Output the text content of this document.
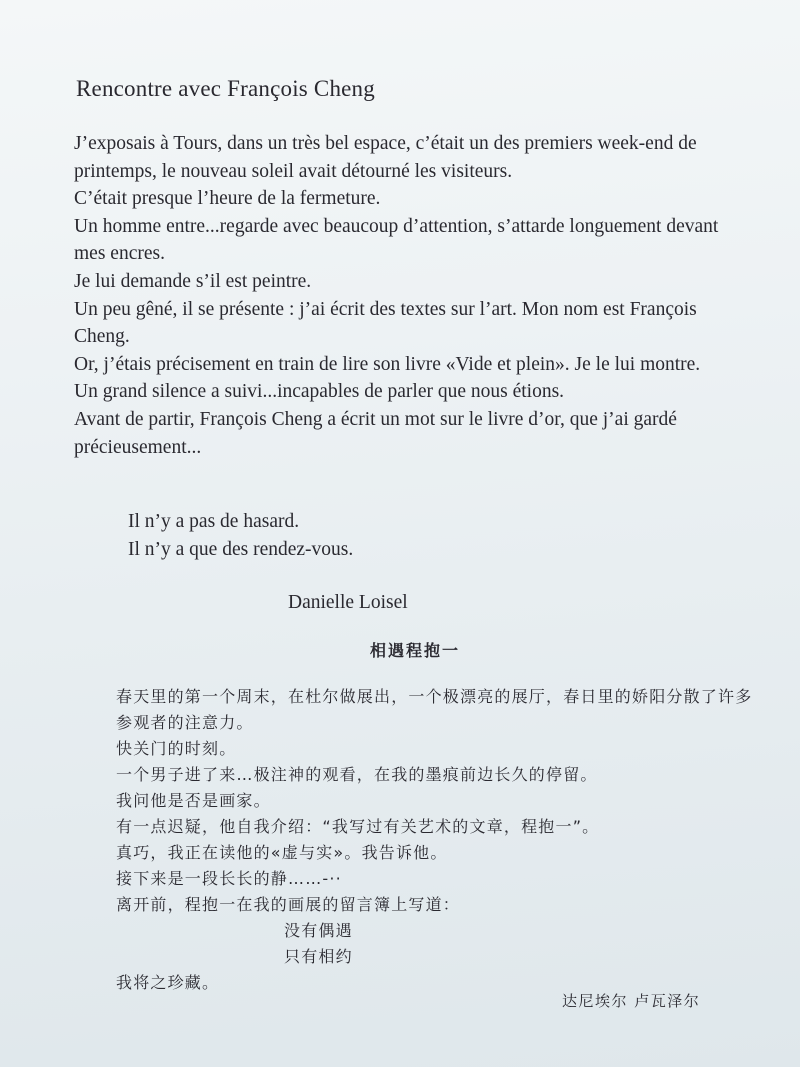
Rencontre avec François Cheng

J’exposais à Tours, dans un très bel espace, c’était un des premiers week-end de printemps, le nouveau soleil avait détourné les visiteurs.

C’était presque l’heure de la fermeture.

Un homme entre...regarde avec beaucoup d’attention, s’attarde longuement devant mes encres.

Je lui demande s’il est peintre.

Un peu gêné, il se présente : j’ai écrit des textes sur l’art. Mon nom est François Cheng.

Or, j’étais précisement en train de lire son livre «Vide et plein». Je le lui montre.

Un grand silence a suivi...incapables de parler que nous étions.

Avant de partir, François Cheng a écrit un mot sur le livre d’or, que j’ai gardé précieusement...

Il n’y a pas de hasard.

Il n’y a que des rendez-vous.

Danielle Loisel
相遇程抱一

春天里的第一个周末，在杜尔做展出，一个极漂亮的展厅，春日里的娇阳分散了许多参观者的注意力。

快关门的时刻。

一个男子进了来…极注神的观看，在我的墨痕前边长久的停留。

我问他是否是画家。

有一点迟疑，他自我介绍：“我写过有关艺术的文章，程抱一”。

真巧，我正在读他的«虚与实»。我告诉他。

接下来是一段长长的静……-··

离开前，程抱一在我的画展的留言簿上写道：

没有偶遇

只有相约

我将之珍藏。

达尼埃尔 卢瓦泽尔
